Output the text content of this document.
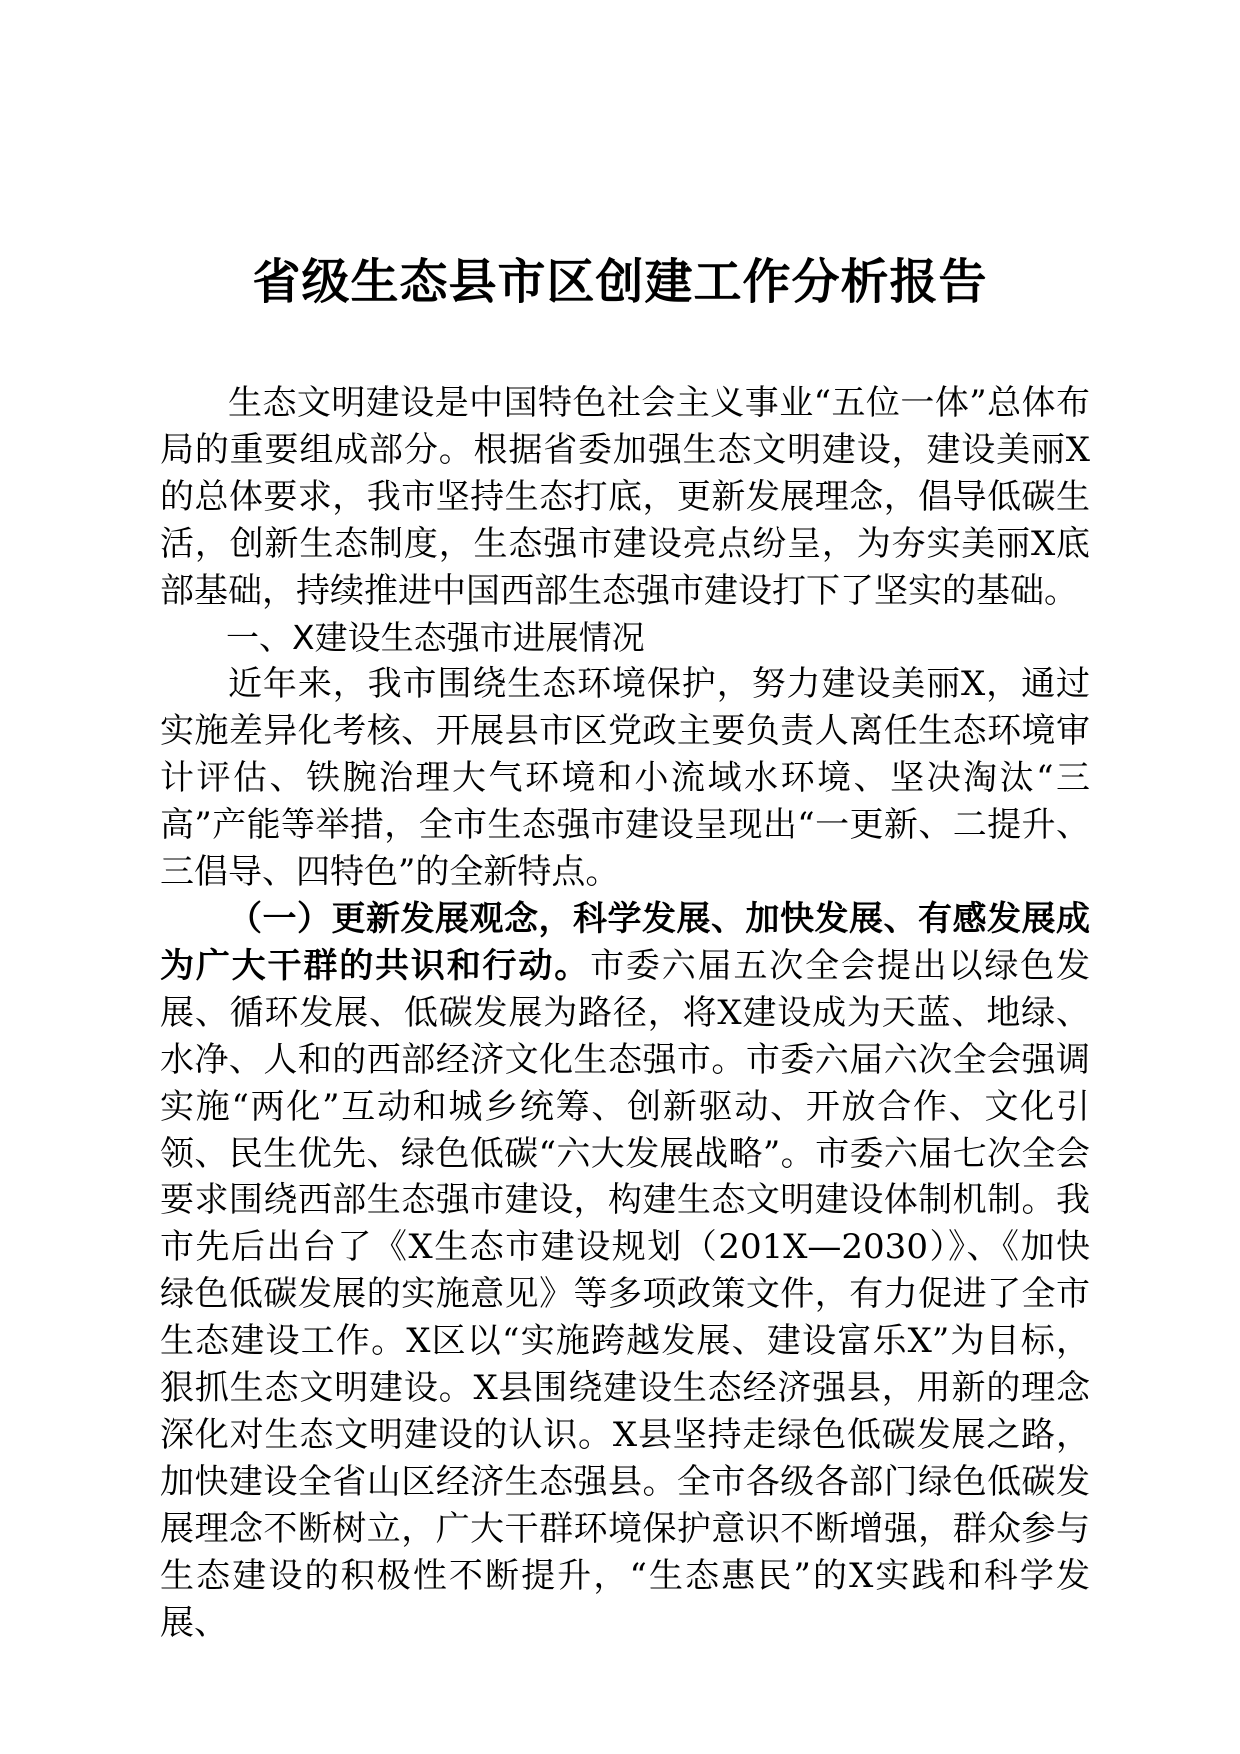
省级生态县市区创建工作分析报告

生态文明建设是中国特色社会主义事业“五位一体”总体布局的重要组成部分。根据省委加强生态文明建设，建设美丽X的总体要求，我市坚持生态打底，更新发展理念，倡导低碳生活，创新生态制度，生态强市建设亮点纷呈，为夯实美丽X底部基础，持续推进中国西部生态强市建设打下了坚实的基础。

一、X建设生态强市进展情况

近年来，我市围绕生态环境保护，努力建设美丽X，通过实施差异化考核、开展县市区党政主要负责人离任生态环境审计评估、铁腕治理大气环境和小流域水环境、坚决淘汰“三高”产能等举措，全市生态强市建设呈现出“一更新、二提升、三倡导、四特色”的全新特点。

（一）更新发展观念，科学发展、加快发展、有感发展成为广大干群的共识和行动。市委六届五次全会提出以绿色发展、循环发展、低碳发展为路径，将X建设成为天蓝、地绿、水净、人和的西部经济文化生态强市。市委六届六次全会强调实施“两化”互动和城乡统筹、创新驱动、开放合作、文化引领、民生优先、绿色低碳“六大发展战略”。市委六届七次全会要求围绕西部生态强市建设，构建生态文明建设体制机制。我市先后出台了《X生态市建设规划（201X—2030）》、《加快绿色低碳发展的实施意见》等多项政策文件，有力促进了全市生态建设工作。X区以“实施跨越发展、建设富乐X”为目标，狠抓生态文明建设。X县围绕建设生态经济强县，用新的理念深化对生态文明建设的认识。X县坚持走绿色低碳发展之路，加快建设全省山区经济生态强县。全市各级各部门绿色低碳发展理念不断树立，广大干群环境保护意识不断增强，群众参与生态建设的积极性不断提升，“生态惠民”的X实践和科学发展、
